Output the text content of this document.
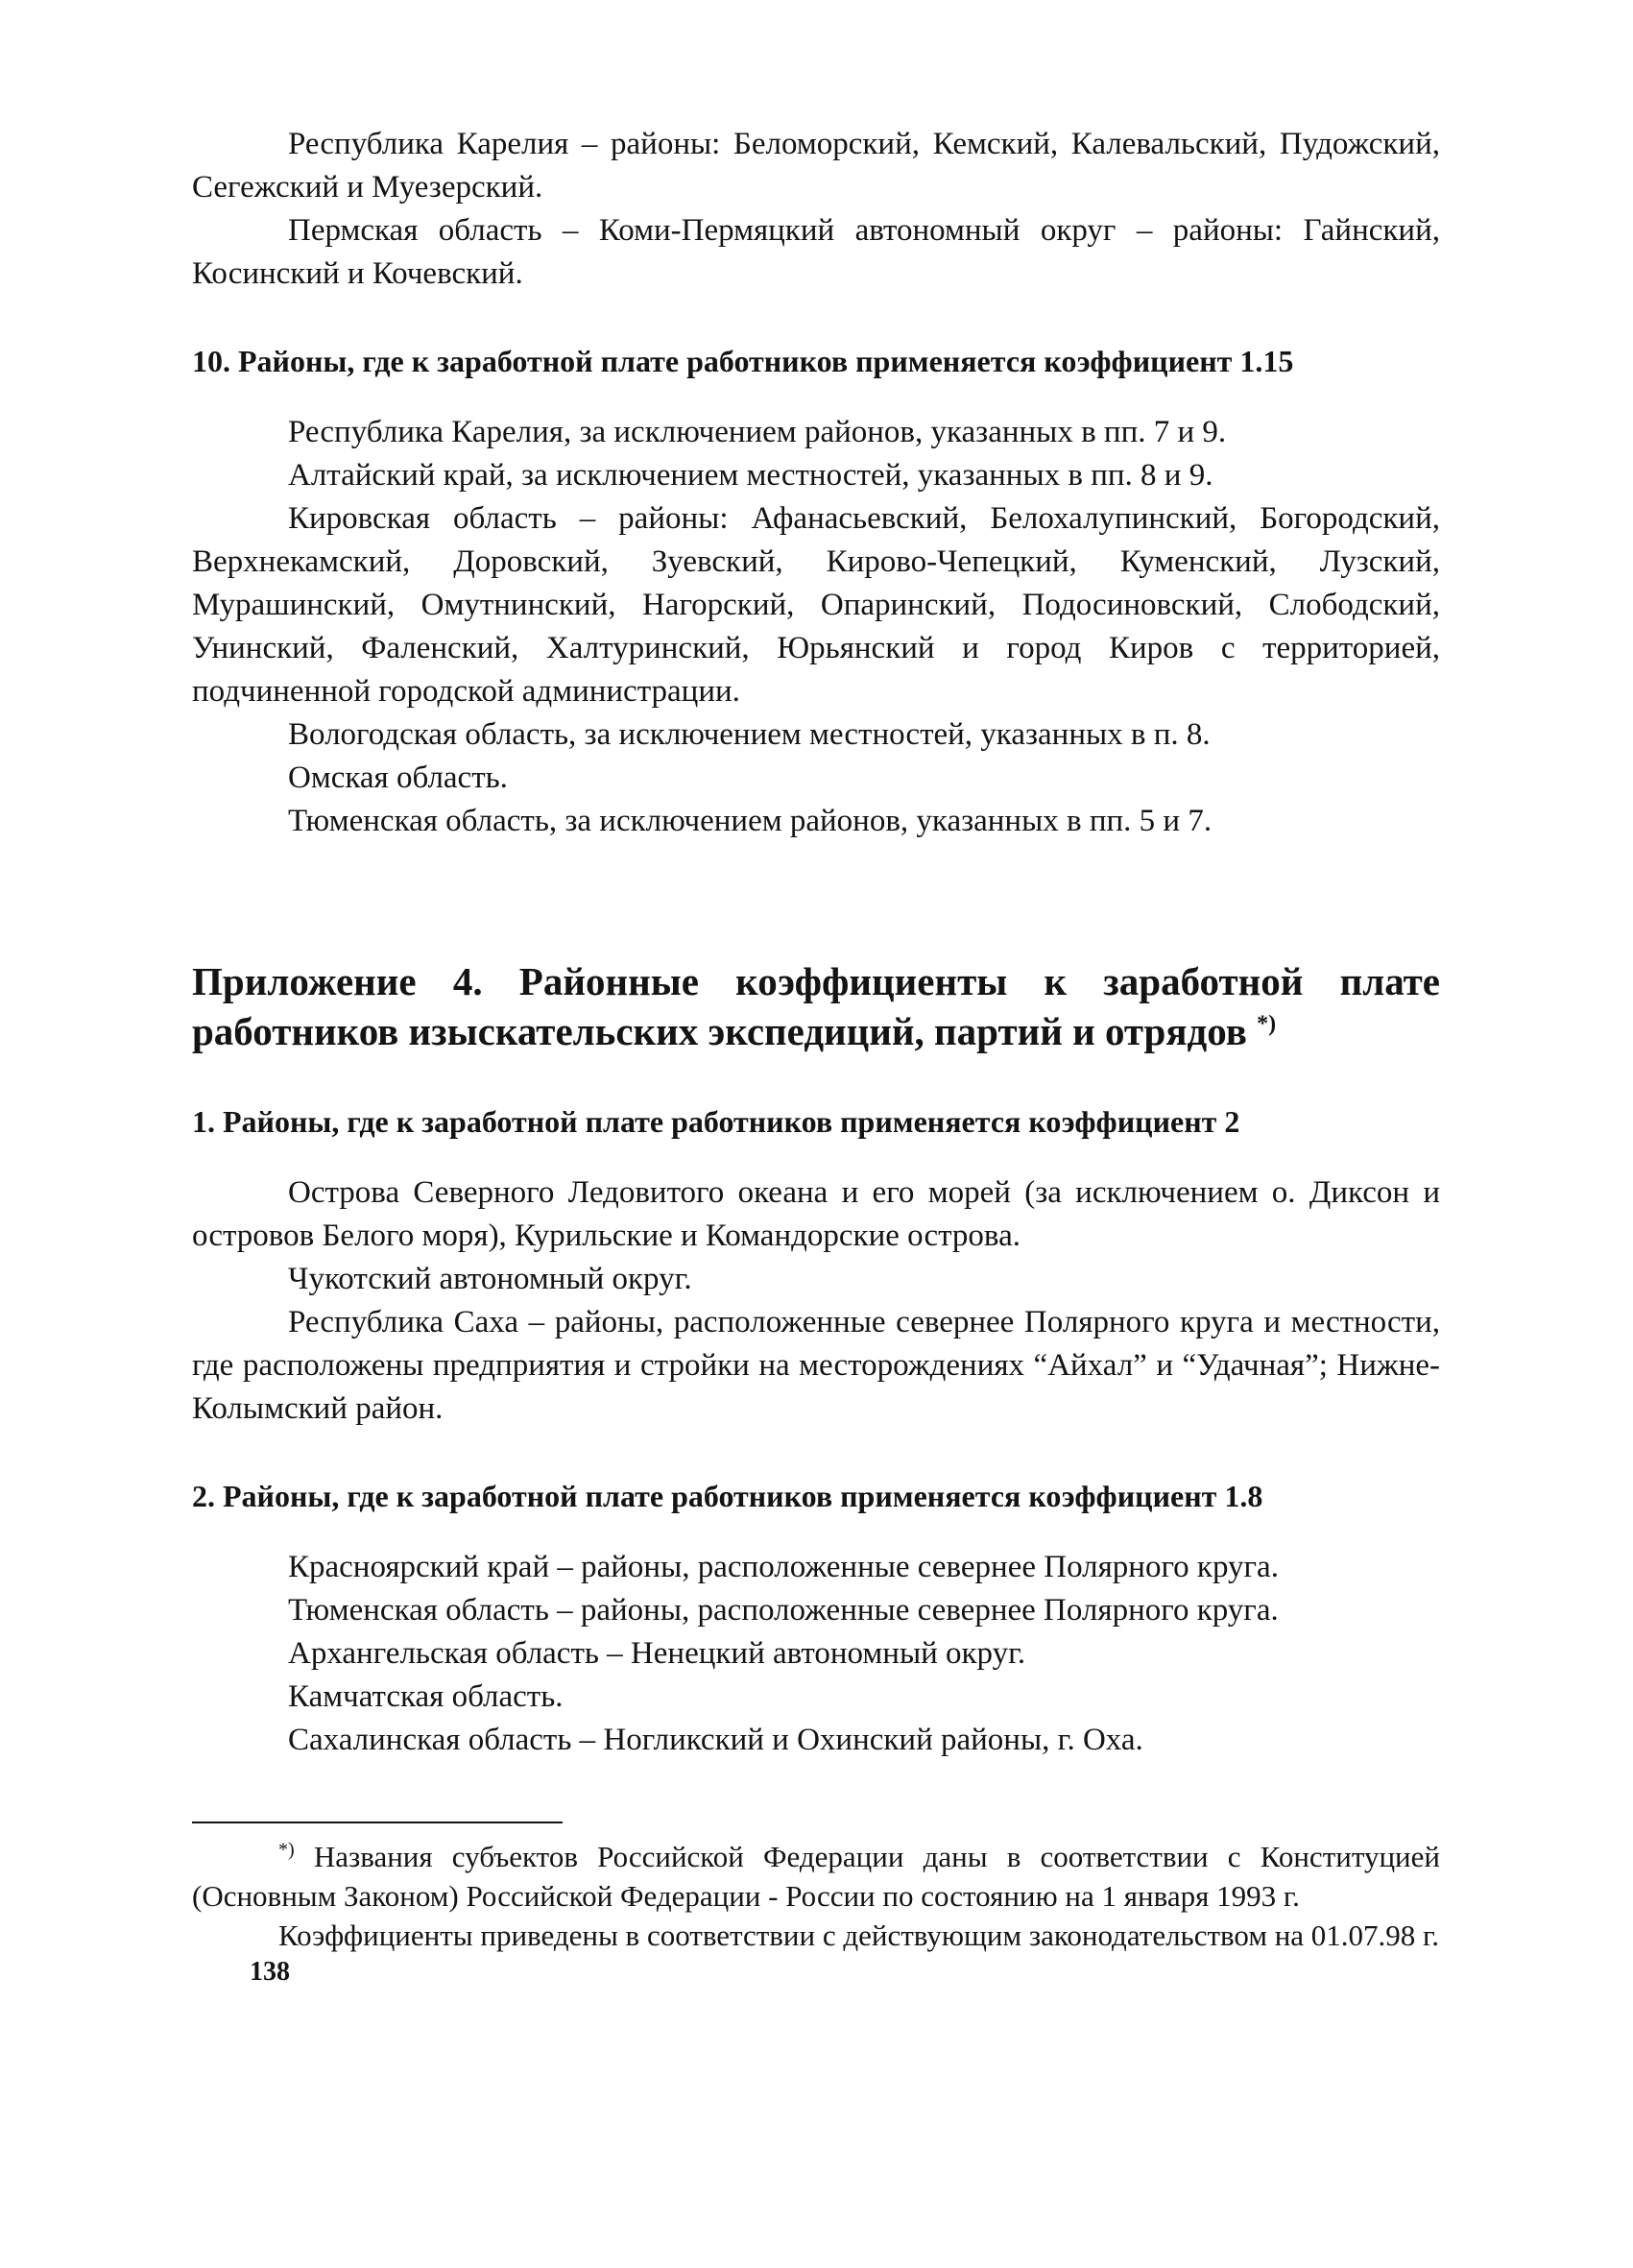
Республика Карелия – районы: Беломорский, Кемский, Калевальский, Пудожский, Сегежский и Муезерский.

Пермская область – Коми-Пермяцкий автономный округ – районы: Гайнский, Косинский и Кочевский.

10. Районы, где к заработной плате работников применяется коэффициент 1.15

Республика Карелия, за исключением районов, указанных в пп. 7 и 9.

Алтайский край, за исключением местностей, указанных в пп. 8 и 9.

Кировская область – районы: Афанасьевский, Белохалупинский, Богородский, Верхнекамский, Доровский, Зуевский, Кирово-Чепецкий, Куменский, Лузский, Мурашинский, Омутнинский, Нагорский, Опаринский, Подосиновский, Слободский, Унинский, Фаленский, Халтуринский, Юрьянский и город Киров с территорией, подчиненной городской администрации.

Вологодская область, за исключением местностей, указанных в п. 8.

Омская область.

Тюменская область, за исключением районов, указанных в пп. 5 и 7.

Приложение 4. Районные коэффициенты к заработной плате работников изыскательских экспедиций, партий и отрядов *)
1. Районы, где к заработной плате работников применяется коэффициент 2

Острова Северного Ледовитого океана и его морей (за исключением о. Диксон и островов Белого моря), Курильские и Командорские острова.

Чукотский автономный округ.

Республика Саха – районы, расположенные севернее Полярного круга и местности, где расположены предприятия и стройки на месторождениях “Айхал” и “Удачная”; Нижне-Колымский район.

2. Районы, где к заработной плате работников применяется коэффициент 1.8

Красноярский край – районы, расположенные севернее Полярного круга.

Тюменская область – районы, расположенные севернее Полярного круга.

Архангельская область – Ненецкий автономный округ.

Камчатская область.

Сахалинская область – Ногликский и Охинский районы, г. Оха.

*) Названия субъектов Российской Федерации даны в соответствии с Конституцией (Основным Законом) Российской Федерации - России по состоянию на 1 января 1993 г.

Коэффициенты приведены в соответствии с действующим законодательством на 01.07.98 г.

138
